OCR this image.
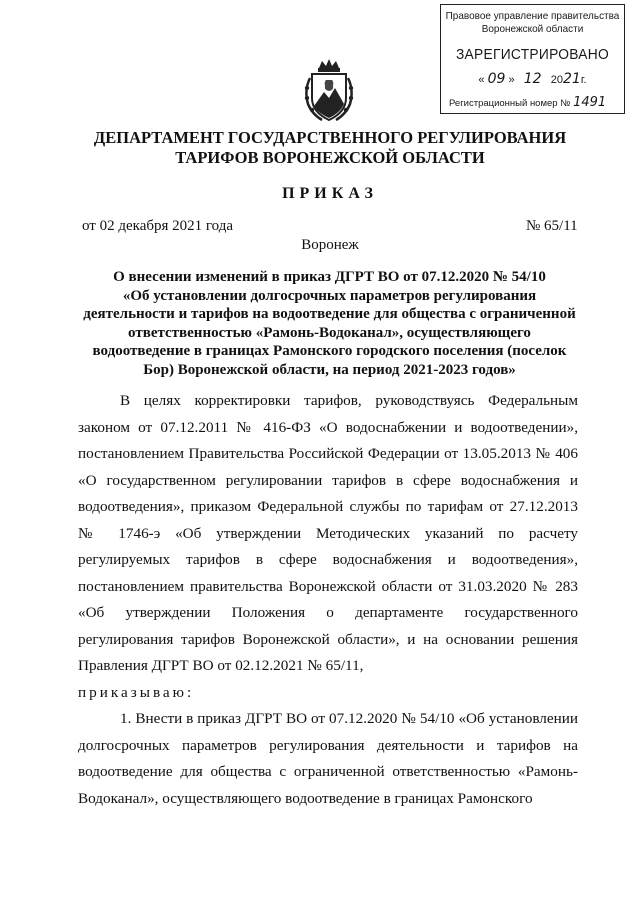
Правовое управление правительства
Воронежской области
ЗАРЕГИСТРИРОВАНО
« 09 »   12 2021г.
Регистрационный номер № 1491
ДЕПАРТАМЕНТ ГОСУДАРСТВЕННОГО РЕГУЛИРОВАНИЯ
ТАРИФОВ ВОРОНЕЖСКОЙ ОБЛАСТИ
ПРИКАЗ
от 02 декабря 2021 года	№ 65/11
Воронеж
О внесении изменений в приказ ДГРТ ВО от 07.12.2020 № 54/10
«Об установлении долгосрочных параметров регулирования
деятельности и тарифов на водоотведение для общества с ограниченной
ответственностью «Рамонь-Водоканал», осуществляющего
водоотведение в границах Рамонского городского поселения (поселок
Бор) Воронежской области, на период 2021-2023 годов»

В целях корректировки тарифов, руководствуясь Федеральным законом от 07.12.2011 № 416-ФЗ «О водоснабжении и водоотведении», постановлением Правительства Российской Федерации от 13.05.2013 № 406 «О государственном регулировании тарифов в сфере водоснабжения и водоотведения», приказом Федеральной службы по тарифам от 27.12.2013 № 1746-э «Об утверждении Методических указаний по расчету регулируемых тарифов в сфере водоснабжения и водоотведения», постановлением правительства Воронежской области от 31.03.2020 № 283 «Об утверждении Положения о департаменте государственного регулирования тарифов Воронежской области», и на основании решения Правления ДГРТ ВО от 02.12.2021 № 65/11,

приказываю:

1. Внести в приказ ДГРТ ВО от 07.12.2020 № 54/10 «Об установлении долгосрочных параметров регулирования деятельности и тарифов на водоотведение для общества с ограниченной ответственностью «Рамонь-Водоканал», осуществляющего водоотведение в границах Рамонского
